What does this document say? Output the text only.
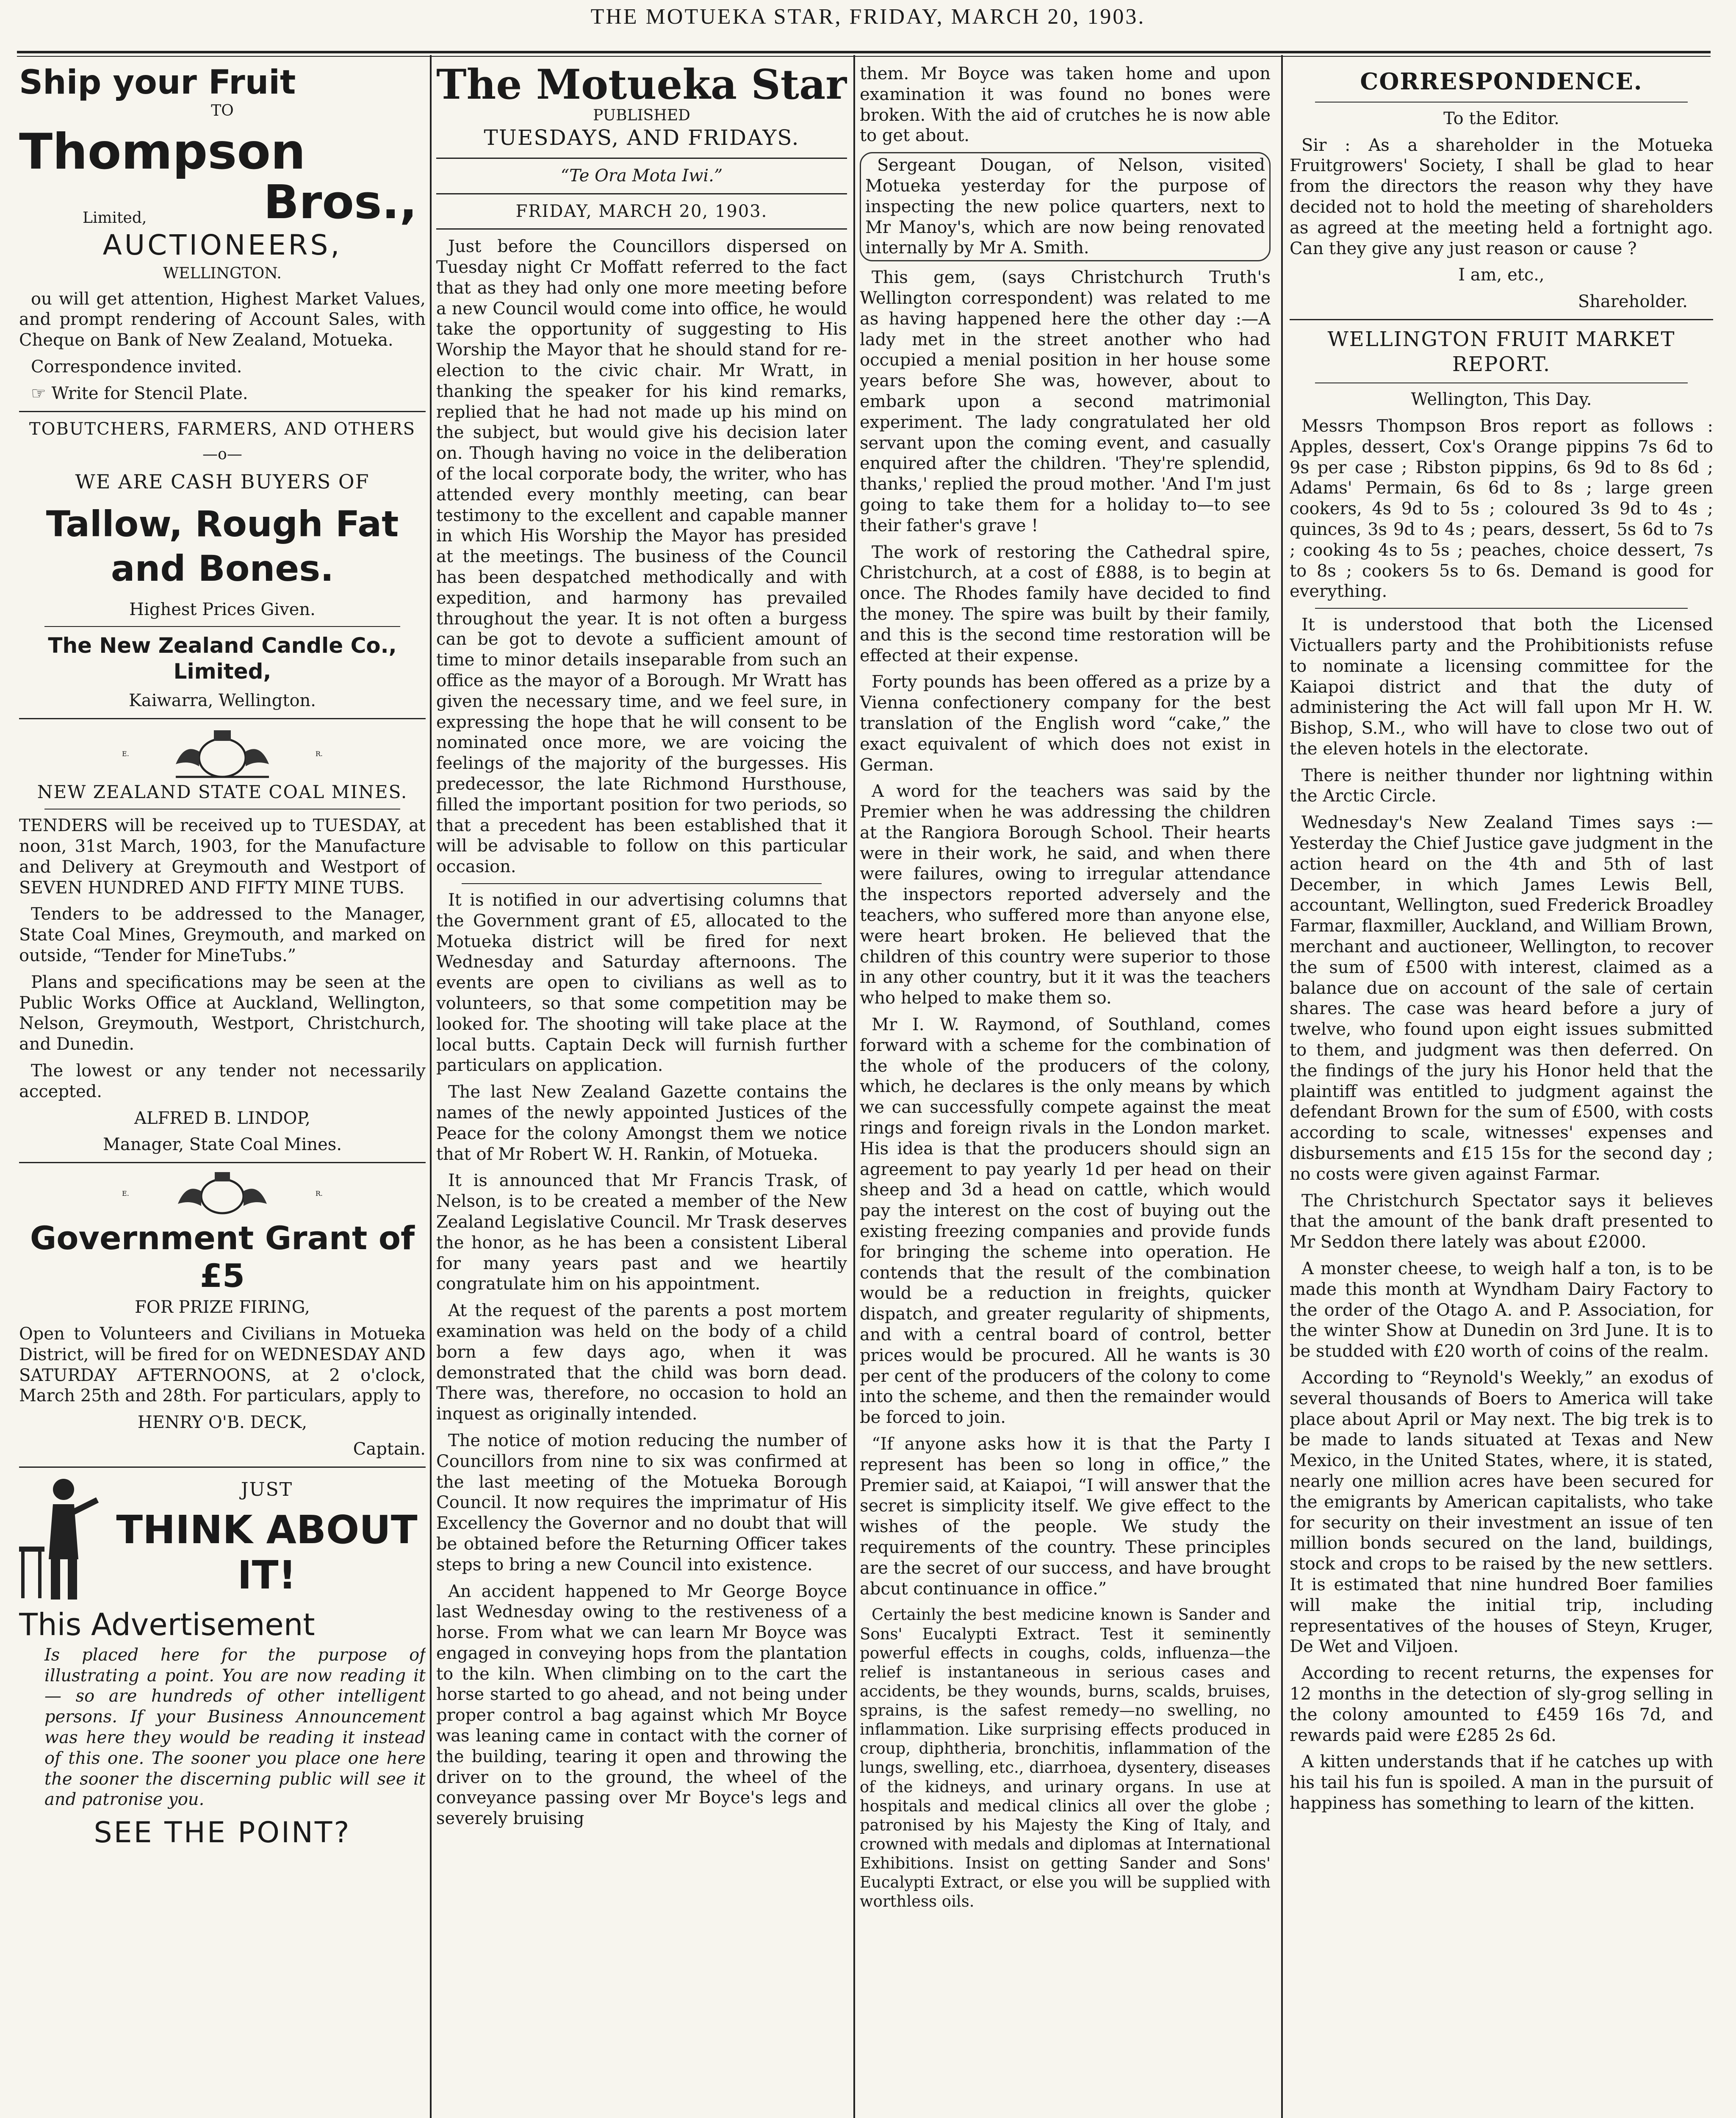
THE MOTUEKA STAR, FRIDAY, MARCH 20, 1903.
Ship your Fruit

TO

Thompson
Limited,	Bros.,

AUCTIONEERS,

WELLINGTON.

ou will get attention, Highest Market Values, and prompt rendering of Account Sales, with Cheque on Bank of New Zealand, Motueka.

Correspondence invited.

☞ Write for Stencil Plate.

TOBUTCHERS, FARMERS, AND OTHERS

—o—

WE ARE CASH BUYERS OF

Tallow, Rough Fat and Bones.

Highest Prices Given.

The New Zealand Candle Co., Limited,

Kaiwarra, Wellington.

E.	R.

NEW ZEALAND STATE COAL MINES.

TENDERS will be received up to TUESDAY, at noon, 31st March, 1903, for the Manufacture and Delivery at Greymouth and Westport of SEVEN HUNDRED AND FIFTY MINE TUBS.

Tenders to be addressed to the Manager, State Coal Mines, Greymouth, and marked on outside, “Tender for MineTubs.”

Plans and specifications may be seen at the Public Works Office at Auckland, Wellington, Nelson, Greymouth, Westport, Christchurch, and Dunedin.

The lowest or any tender not necessarily accepted.

ALFRED B. LINDOP,

Manager, State Coal Mines.

E.	R.
Government Grant of £5

FOR PRIZE FIRING,

Open to Volunteers and Civilians in Motueka District, will be fired for on WEDNESDAY AND SATURDAY AFTERNOONS, at 2 o'clock, March 25th and 28th. For particulars, apply to

HENRY O'B. DECK,

Captain.

JUST

THINK ABOUT IT!
This Advertisement

Is placed here for the purpose of illustrating a point. You are now reading it — so are hundreds of other intelligent persons. If your Business Announcement was here they would be reading it instead of this one. The sooner you place one here the sooner the discerning public will see it and patronise you.

SEE THE POINT?
The Motueka Star

PUBLISHED

TUESDAYS, AND FRIDAYS.

“Te Ora Mota Iwi.”

FRIDAY, MARCH 20, 1903.

Just before the Councillors dispersed on Tuesday night Cr Moffatt referred to the fact that as they had only one more meeting before a new Council would come into office, he would take the opportunity of suggesting to His Worship the Mayor that he should stand for re-election to the civic chair. Mr Wratt, in thanking the speaker for his kind remarks, replied that he had not made up his mind on the subject, but would give his decision later on. Though having no voice in the deliberation of the local corporate body, the writer, who has attended every monthly meeting, can bear testimony to the excellent and capable manner in which His Worship the Mayor has presided at the meetings. The business of the Council has been despatched methodically and with expedition, and harmony has prevailed throughout the year. It is not often a burgess can be got to devote a sufficient amount of time to minor details inseparable from such an office as the mayor of a Borough. Mr Wratt has given the necessary time, and we feel sure, in expressing the hope that he will consent to be nominated once more, we are voicing the feelings of the majority of the burgesses. His predecessor, the late Richmond Hursthouse, filled the important position for two periods, so that a precedent has been established that it will be advisable to follow on this particular occasion.

It is notified in our advertising columns that the Government grant of £5, allocated to the Motueka district will be fired for next Wednesday and Saturday afternoons. The events are open to civilians as well as to volunteers, so that some competition may be looked for. The shooting will take place at the local butts. Captain Deck will furnish further particulars on application.

The last New Zealand Gazette contains the names of the newly appointed Justices of the Peace for the colony Amongst them we notice that of Mr Robert W. H. Rankin, of Motueka.

It is announced that Mr Francis Trask, of Nelson, is to be created a member of the New Zealand Legislative Council. Mr Trask deserves the honor, as he has been a consistent Liberal for many years past and we heartily congratulate him on his appointment.

At the request of the parents a post mortem examination was held on the body of a child born a few days ago, when it was demonstrated that the child was born dead. There was, therefore, no occasion to hold an inquest as originally intended.

The notice of motion reducing the number of Councillors from nine to six was confirmed at the last meeting of the Motueka Borough Council. It now requires the imprimatur of His Excellency the Governor and no doubt that will be obtained before the Returning Officer takes steps to bring a new Council into existence.

An accident happened to Mr George Boyce last Wednesday owing to the restiveness of a horse. From what we can learn Mr Boyce was engaged in conveying hops from the plantation to the kiln. When climbing on to the cart the horse started to go ahead, and not being under proper control a bag against which Mr Boyce was leaning came in contact with the corner of the building, tearing it open and throwing the driver on to the ground, the wheel of the conveyance passing over Mr Boyce's legs and severely bruising

them. Mr Boyce was taken home and upon examination it was found no bones were broken. With the aid of crutches he is now able to get about.

Sergeant Dougan, of Nelson, visited Motueka yesterday for the purpose of inspecting the new police quarters, next to Mr Manoy's, which are now being renovated internally by Mr A. Smith.

This gem, (says Christchurch Truth's Wellington correspondent) was related to me as having happened here the other day :—A lady met in the street another who had occupied a menial position in her house some years before She was, however, about to embark upon a second matrimonial experiment. The lady congratulated her old servant upon the coming event, and casually enquired after the children. 'They're splendid, thanks,' replied the proud mother. 'And I'm just going to take them for a holiday to—to see their father's grave !

The work of restoring the Cathedral spire, Christchurch, at a cost of £888, is to begin at once. The Rhodes family have decided to find the money. The spire was built by their family, and this is the second time restoration will be effected at their expense.

Forty pounds has been offered as a prize by a Vienna confectionery company for the best translation of the English word “cake,” the exact equivalent of which does not exist in German.

A word for the teachers was said by the Premier when he was addressing the children at the Rangiora Borough School. Their hearts were in their work, he said, and when there were failures, owing to irregular attendance the inspectors reported adversely and the teachers, who suffered more than anyone else, were heart broken. He believed that the children of this country were superior to those in any other country, but it it was the teachers who helped to make them so.

Mr I. W. Raymond, of Southland, comes forward with a scheme for the combination of the whole of the producers of the colony, which, he declares is the only means by which we can successfully compete against the meat rings and foreign rivals in the London market. His idea is that the producers should sign an agreement to pay yearly 1d per head on their sheep and 3d a head on cattle, which would pay the interest on the cost of buying out the existing freezing companies and provide funds for bringing the scheme into operation. He contends that the result of the combination would be a reduction in freights, quicker dispatch, and greater regularity of shipments, and with a central board of control, better prices would be procured. All he wants is 30 per cent of the producers of the colony to come into the scheme, and then the remainder would be forced to join.

“If anyone asks how it is that the Party I represent has been so long in office,” the Premier said, at Kaiapoi, “I will answer that the secret is simplicity itself. We give effect to the wishes of the people. We study the requirements of the country. These principles are the secret of our success, and have brought abcut continuance in office.”

Certainly the best medicine known is Sander and Sons' Eucalypti Extract. Test it seminently powerful effects in coughs, colds, influenza—the relief is instantaneous in serious cases and accidents, be they wounds, burns, scalds, bruises, sprains, is the safest remedy—no swelling, no inflammation. Like surprising effects produced in croup, diphtheria, bronchitis, inflammation of the lungs, swelling, etc., diarrhoea, dysentery, diseases of the kidneys, and urinary organs. In use at hospitals and medical clinics all over the globe ; patronised by his Majesty the King of Italy, and crowned with medals and diplomas at International Exhibitions. Insist on getting Sander and Sons' Eucalypti Extract, or else you will be supplied with worthless oils.

CORRESPONDENCE.

To the Editor.

Sir : As a shareholder in the Motueka Fruitgrowers' Society, I shall be glad to hear from the directors the reason why they have decided not to hold the meeting of shareholders as agreed at the meeting held a fortnight ago. Can they give any just reason or cause ?

I am, etc.,

Shareholder.

WELLINGTON FRUIT MARKET REPORT.

Wellington, This Day.

Messrs Thompson Bros report as follows : Apples, dessert, Cox's Orange pippins 7s 6d to 9s per case ; Ribston pippins, 6s 9d to 8s 6d ; Adams' Permain, 6s 6d to 8s ; large green cookers, 4s 9d to 5s ; coloured 3s 9d to 4s ; quinces, 3s 9d to 4s ; pears, dessert, 5s 6d to 7s ; cooking 4s to 5s ; peaches, choice dessert, 7s to 8s ; cookers 5s to 6s. Demand is good for everything.

It is understood that both the Licensed Victuallers party and the Prohibitionists refuse to nominate a licensing committee for the Kaiapoi district and that the duty of administering the Act will fall upon Mr H. W. Bishop, S.M., who will have to close two out of the eleven hotels in the electorate.

There is neither thunder nor lightning within the Arctic Circle.

Wednesday's New Zealand Times says :—Yesterday the Chief Justice gave judgment in the action heard on the 4th and 5th of last December, in which James Lewis Bell, accountant, Wellington, sued Frederick Broadley Farmar, flaxmiller, Auckland, and William Brown, merchant and auctioneer, Wellington, to recover the sum of £500 with interest, claimed as a balance due on account of the sale of certain shares. The case was heard before a jury of twelve, who found upon eight issues submitted to them, and judgment was then deferred. On the findings of the jury his Honor held that the plaintiff was entitled to judgment against the defendant Brown for the sum of £500, with costs according to scale, witnesses' expenses and disbursements and £15 15s for the second day ; no costs were given against Farmar.

The Christchurch Spectator says it believes that the amount of the bank draft presented to Mr Seddon there lately was about £2000.

A monster cheese, to weigh half a ton, is to be made this month at Wyndham Dairy Factory to the order of the Otago A. and P. Association, for the winter Show at Dunedin on 3rd June. It is to be studded with £20 worth of coins of the realm.

According to “Reynold's Weekly,” an exodus of several thousands of Boers to America will take place about April or May next. The big trek is to be made to lands situated at Texas and New Mexico, in the United States, where, it is stated, nearly one million acres have been secured for the emigrants by American capitalists, who take for security on their investment an issue of ten million bonds secured on the land, buildings, stock and crops to be raised by the new settlers. It is estimated that nine hundred Boer families will make the initial trip, including representatives of the houses of Steyn, Kruger, De Wet and Viljoen.

According to recent returns, the expenses for 12 months in the detection of sly-grog selling in the colony amounted to £459 16s 7d, and rewards paid were £285 2s 6d.

A kitten understands that if he catches up with his tail his fun is spoiled. A man in the pursuit of happiness has something to learn of the kitten.
